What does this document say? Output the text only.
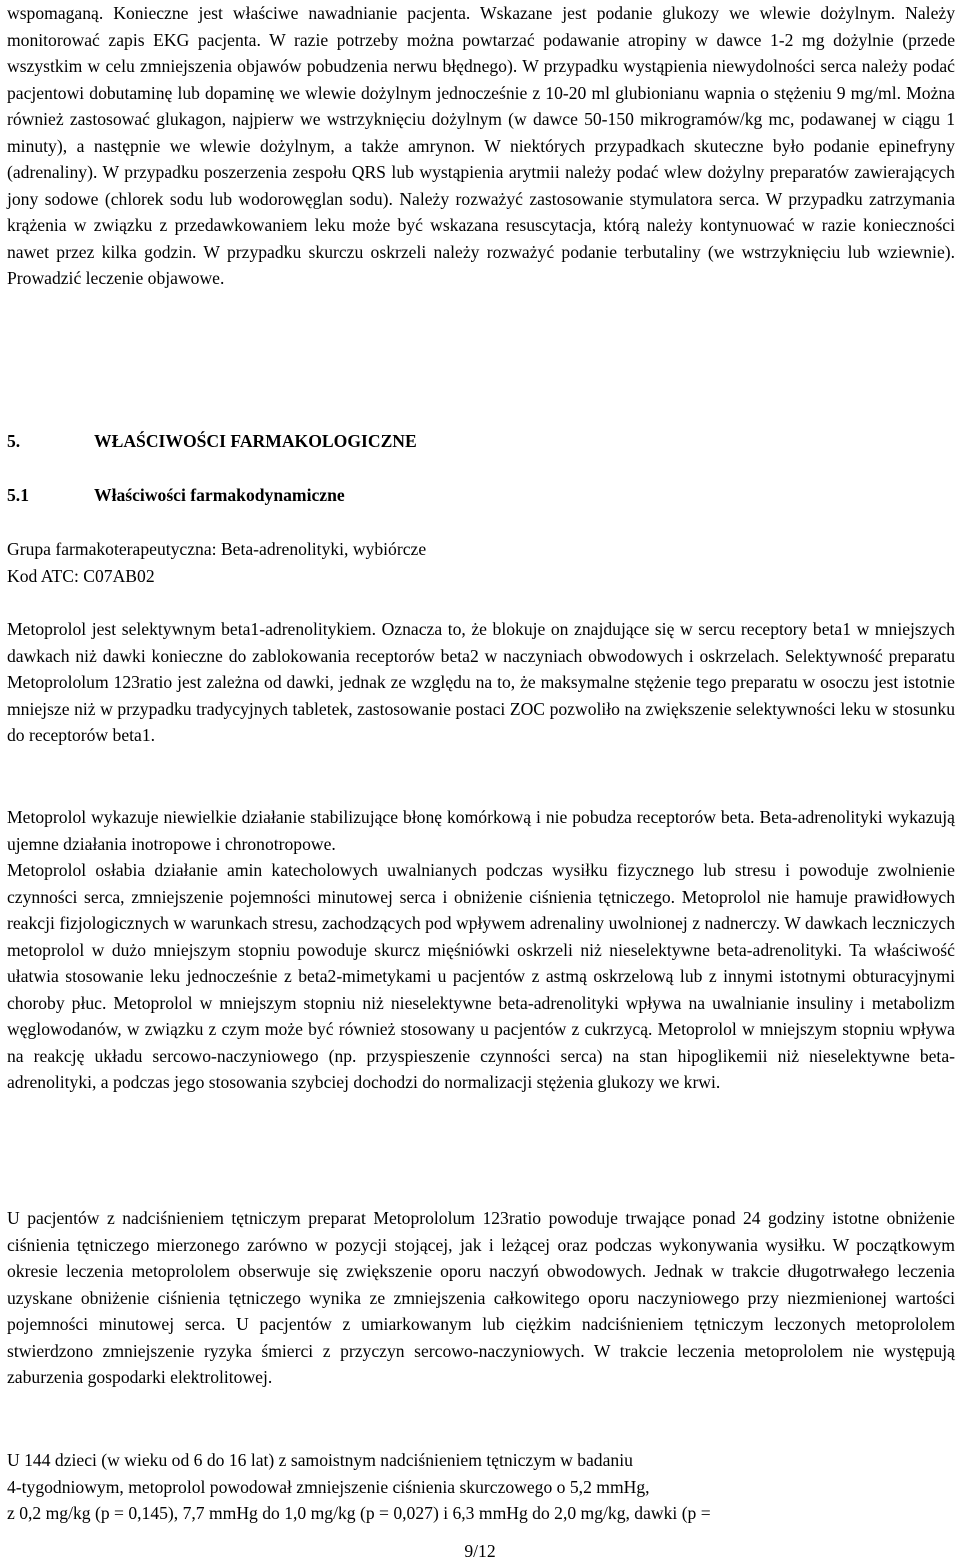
wspomaganą. Konieczne jest właściwe nawadnianie pacjenta. Wskazane jest podanie glukozy we wlewie dożylnym. Należy monitorować zapis EKG pacjenta. W razie potrzeby można powtarzać podawanie atropiny w dawce 1-2 mg dożylnie (przede wszystkim w celu zmniejszenia objawów pobudzenia nerwu błędnego). W przypadku wystąpienia niewydolności serca należy podać pacjentowi dobutaminę lub dopaminę we wlewie dożylnym jednocześnie z 10-20 ml glubionianu wapnia o stężeniu 9 mg/ml. Można również zastosować glukagon, najpierw we wstrzyknięciu dożylnym (w dawce 50-150 mikrogramów/kg mc, podawanej w ciągu 1 minuty), a następnie we wlewie dożylnym, a także amrynon. W niektórych przypadkach skuteczne było podanie epinefryny (adrenaliny). W przypadku poszerzenia zespołu QRS lub wystąpienia arytmii należy podać wlew dożylny preparatów zawierających jony sodowe (chlorek sodu lub wodorowęglan sodu). Należy rozważyć zastosowanie stymulatora serca. W przypadku zatrzymania krążenia w związku z przedawkowaniem leku może być wskazana resuscytacja, którą należy kontynuować w razie konieczności nawet przez kilka godzin. W przypadku skurczu oskrzeli należy rozważyć podanie terbutaliny (we wstrzyknięciu lub wziewnie). Prowadzić leczenie objawowe.

5.	WŁAŚCIWOŚCI FARMAKOLOGICZNE
5.1	Właściwości farmakodynamiczne

Grupa farmakoterapeutyczna: Beta-adrenolityki, wybiórcze
Kod ATC: C07AB02

Metoprolol jest selektywnym beta1-adrenolitykiem. Oznacza to, że blokuje on znajdujące się w sercu receptory beta1 w mniejszych dawkach niż dawki konieczne do zablokowania receptorów beta2 w naczyniach obwodowych i oskrzelach. Selektywność preparatu Metoprololum 123ratio jest zależna od dawki, jednak ze względu na to, że maksymalne stężenie tego preparatu w osoczu jest istotnie mniejsze niż w przypadku tradycyjnych tabletek, zastosowanie postaci ZOC pozwoliło na zwiększenie selektywności leku w stosunku do receptorów beta1.

Metoprolol wykazuje niewielkie działanie stabilizujące błonę komórkową i nie pobudza receptorów beta. Beta-adrenolityki wykazują ujemne działania inotropowe i chronotropowe.

Metoprolol osłabia działanie amin katecholowych uwalnianych podczas wysiłku fizycznego lub stresu i powoduje zwolnienie czynności serca, zmniejszenie pojemności minutowej serca i obniżenie ciśnienia tętniczego. Metoprolol nie hamuje prawidłowych reakcji fizjologicznych w warunkach stresu, zachodzących pod wpływem adrenaliny uwolnionej z nadnerczy. W dawkach leczniczych metoprolol w dużo mniejszym stopniu powoduje skurcz mięśniówki oskrzeli niż nieselektywne beta-adrenolityki. Ta właściwość ułatwia stosowanie leku jednocześnie z beta2-mimetykami u pacjentów z astmą oskrzelową lub z innymi istotnymi obturacyjnymi choroby płuc. Metoprolol w mniejszym stopniu niż nieselektywne beta-adrenolityki wpływa na uwalnianie insuliny i metabolizm węglowodanów, w związku z czym może być również stosowany u pacjentów z cukrzycą. Metoprolol w mniejszym stopniu wpływa na reakcję układu sercowo-naczyniowego (np. przyspieszenie czynności serca) na stan hipoglikemii niż nieselektywne beta-adrenolityki, a podczas jego stosowania szybciej dochodzi do normalizacji stężenia glukozy we krwi.

U pacjentów z nadciśnieniem tętniczym preparat Metoprololum 123ratio powoduje trwające ponad 24 godziny istotne obniżenie ciśnienia tętniczego mierzonego zarówno w pozycji stojącej, jak i leżącej oraz podczas wykonywania wysiłku. W początkowym okresie leczenia metoprololem obserwuje się zwiększenie oporu naczyń obwodowych. Jednak w trakcie długotrwałego leczenia uzyskane obniżenie ciśnienia tętniczego wynika ze zmniejszenia całkowitego oporu naczyniowego przy niezmienionej wartości pojemności minutowej serca. U pacjentów z umiarkowanym lub ciężkim nadciśnieniem tętniczym leczonych metoprololem stwierdzono zmniejszenie ryzyka śmierci z przyczyn sercowo-naczyniowych. W trakcie leczenia metoprololem nie występują zaburzenia gospodarki elektrolitowej.

U 144 dzieci (w wieku od 6 do 16 lat) z samoistnym nadciśnieniem tętniczym w badaniu
4-tygodniowym, metoprolol powodował zmniejszenie ciśnienia skurczowego o 5,2 mmHg,
z 0,2 mg/kg (p = 0,145), 7,7 mmHg do 1,0 mg/kg (p = 0,027) i 6,3 mmHg do 2,0 mg/kg, dawki (p =

9/12
